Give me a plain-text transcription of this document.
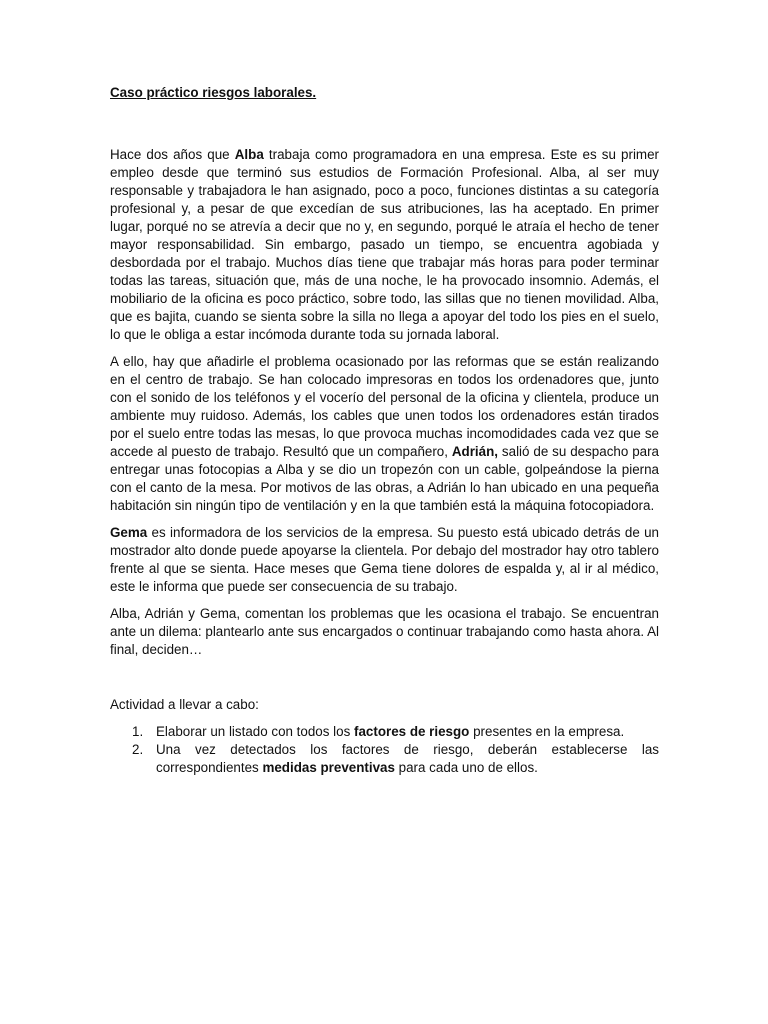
Caso práctico riesgos laborales.

Hace dos años que Alba trabaja como programadora en una empresa. Este es su primer empleo desde que terminó sus estudios de Formación Profesional. Alba, al ser muy responsable y trabajadora le han asignado, poco a poco, funciones distintas a su categoría profesional y, a pesar de que excedían de sus atribuciones, las ha aceptado. En primer lugar, porqué no se atrevía a decir que no y, en segundo, porqué le atraía el hecho de tener mayor responsabilidad. Sin embargo, pasado un tiempo, se encuentra agobiada y desbordada por el trabajo. Muchos días tiene que trabajar más horas para poder terminar todas las tareas, situación que, más de una noche, le ha provocado insomnio. Además, el mobiliario de la oficina es poco práctico, sobre todo, las sillas que no tienen movilidad. Alba, que es bajita, cuando se sienta sobre la silla no llega a apoyar del todo los pies en el suelo, lo que le obliga a estar incómoda durante toda su jornada laboral.

A ello, hay que añadirle el problema ocasionado por las reformas que se están realizando en el centro de trabajo. Se han colocado impresoras en todos los ordenadores que, junto con el sonido de los teléfonos y el vocerío del personal de la oficina y clientela, produce un ambiente muy ruidoso. Además, los cables que unen todos los ordenadores están tirados por el suelo entre todas las mesas, lo que provoca muchas incomodidades cada vez que se accede al puesto de trabajo. Resultó que un compañero, Adrián, salió de su despacho para entregar unas fotocopias a Alba y se dio un tropezón con un cable, golpeándose la pierna con el canto de la mesa. Por motivos de las obras, a Adrián lo han ubicado en una pequeña habitación sin ningún tipo de ventilación y en la que también está la máquina fotocopiadora.

Gema es informadora de los servicios de la empresa. Su puesto está ubicado detrás de un mostrador alto donde puede apoyarse la clientela. Por debajo del mostrador hay otro tablero frente al que se sienta. Hace meses que Gema tiene dolores de espalda y, al ir al médico, este le informa que puede ser consecuencia de su trabajo.

Alba, Adrián y Gema, comentan los problemas que les ocasiona el trabajo. Se encuentran ante un dilema: plantearlo ante sus encargados o continuar trabajando como hasta ahora. Al final, deciden…

Actividad a llevar a cabo:

1. Elaborar un listado con todos los factores de riesgo presentes en la empresa.
2. Una vez detectados los factores de riesgo, deberán establecerse las correspondientes medidas preventivas para cada uno de ellos.
